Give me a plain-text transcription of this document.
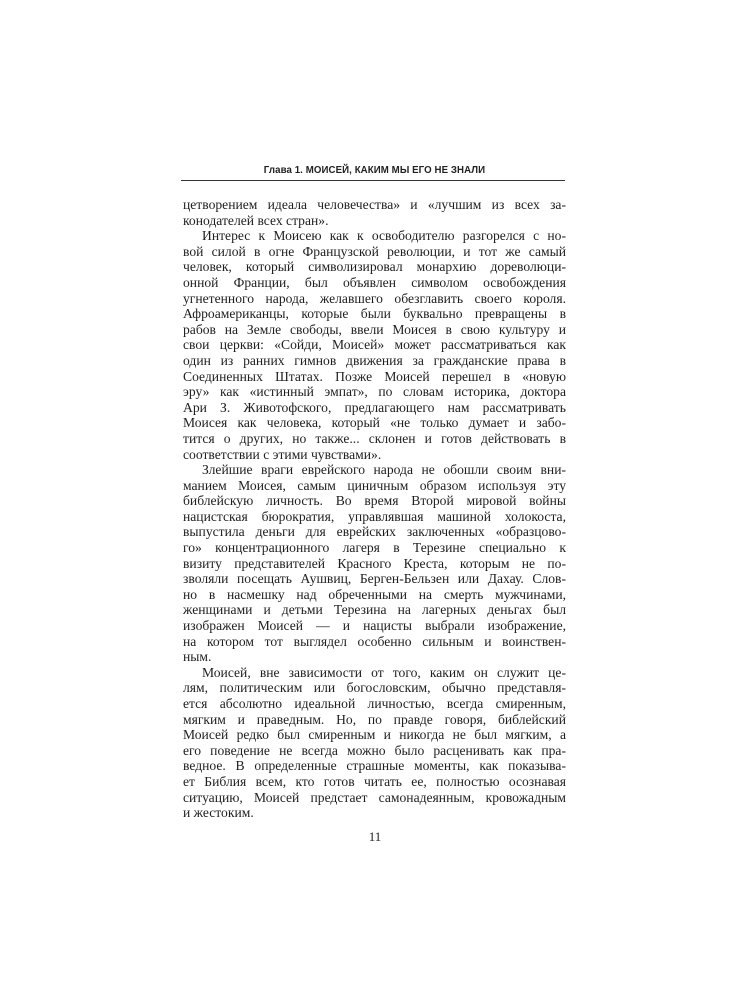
Глава 1. МОИСЕЙ, КАКИМ МЫ ЕГО НЕ ЗНАЛИ
цетворением идеала человечества» и «лучшим из всех за-
конодателей всех стран».
Интерес к Моисею как к освободителю разгорелся с но-
вой силой в огне Французской революции, и тот же самый
человек, который символизировал монархию дореволюци-
онной Франции, был объявлен символом освобождения
угнетенного народа, желавшего обезглавить своего короля.
Афроамериканцы, которые были буквально превращены в
рабов на Земле свободы, ввели Моисея в свою культуру и
свои церкви: «Сойди, Моисей» может рассматриваться как
один из ранних гимнов движения за гражданские права в
Соединенных Штатах. Позже Моисей перешел в «новую
эру» как «истинный эмпат», по словам историка, доктора
Ари З. Животофского, предлагающего нам рассматривать
Моисея как человека, который «не только думает и забо-
тится о других, но также... склонен и готов действовать в
соответствии с этими чувствами».
Злейшие враги еврейского народа не обошли своим вни-
манием Моисея, самым циничным образом используя эту
библейскую личность. Во время Второй мировой войны
нацистская бюрократия, управлявшая машиной холокоста,
выпустила деньги для еврейских заключенных «образцово-
го» концентрационного лагеря в Терезине специально к
визиту представителей Красного Креста, которым не по-
зволяли посещать Аушвиц, Берген-Бельзен или Дахау. Слов-
но в насмешку над обреченными на смерть мужчинами,
женщинами и детьми Терезина на лагерных деньгах был
изображен Моисей — и нацисты выбрали изображение,
на котором тот выглядел особенно сильным и воинствен-
ным.
Моисей, вне зависимости от того, каким он служит це-
лям, политическим или богословским, обычно представля-
ется абсолютно идеальной личностью, всегда смиренным,
мягким и праведным. Но, по правде говоря, библейский
Моисей редко был смиренным и никогда не был мягким, а
его поведение не всегда можно было расценивать как пра-
ведное. В определенные страшные моменты, как показыва-
ет Библия всем, кто готов читать ее, полностью осознавая
ситуацию, Моисей предстает самонадеянным, кровожадным
и жестоким.
11
